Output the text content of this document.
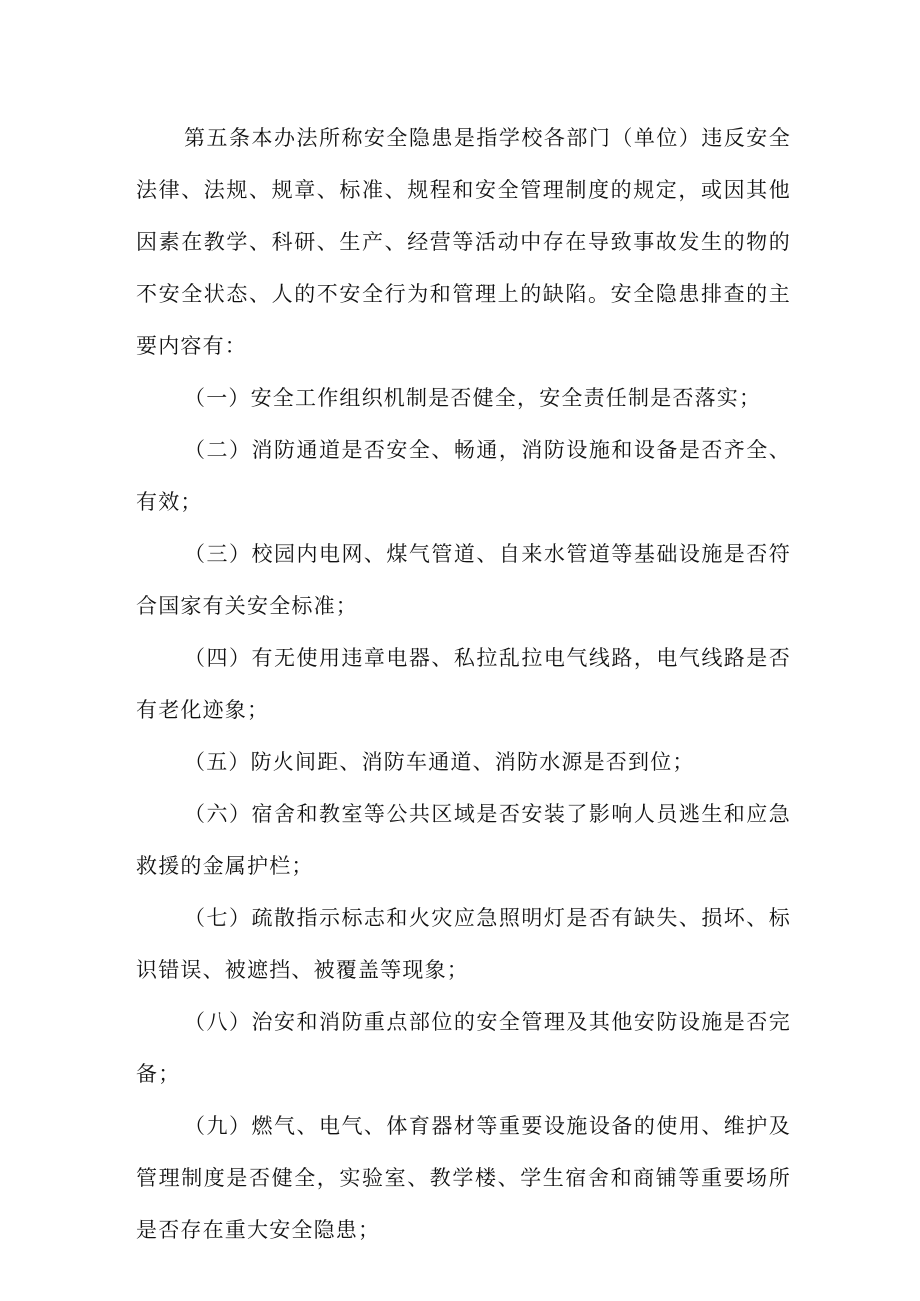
第五条本办法所称安全隐患是指学校各部门（单位）违反安全法律、法规、规章、标准、规程和安全管理制度的规定，或因其他因素在教学、科研、生产、经营等活动中存在导致事故发生的物的不安全状态、人的不安全行为和管理上的缺陷。安全隐患排查的主要内容有：

（一）安全工作组织机制是否健全，安全责任制是否落实；

（二）消防通道是否安全、畅通，消防设施和设备是否齐全、有效；

（三）校园内电网、煤气管道、自来水管道等基础设施是否符合国家有关安全标准；

（四）有无使用违章电器、私拉乱拉电气线路，电气线路是否有老化迹象；

（五）防火间距、消防车通道、消防水源是否到位；

（六）宿舍和教室等公共区域是否安装了影响人员逃生和应急救援的金属护栏；

（七）疏散指示标志和火灾应急照明灯是否有缺失、损坏、标识错误、被遮挡、被覆盖等现象；

（八）治安和消防重点部位的安全管理及其他安防设施是否完备；

（九）燃气、电气、体育器材等重要设施设备的使用、维护及管理制度是否健全，实验室、教学楼、学生宿舍和商铺等重要场所是否存在重大安全隐患；
